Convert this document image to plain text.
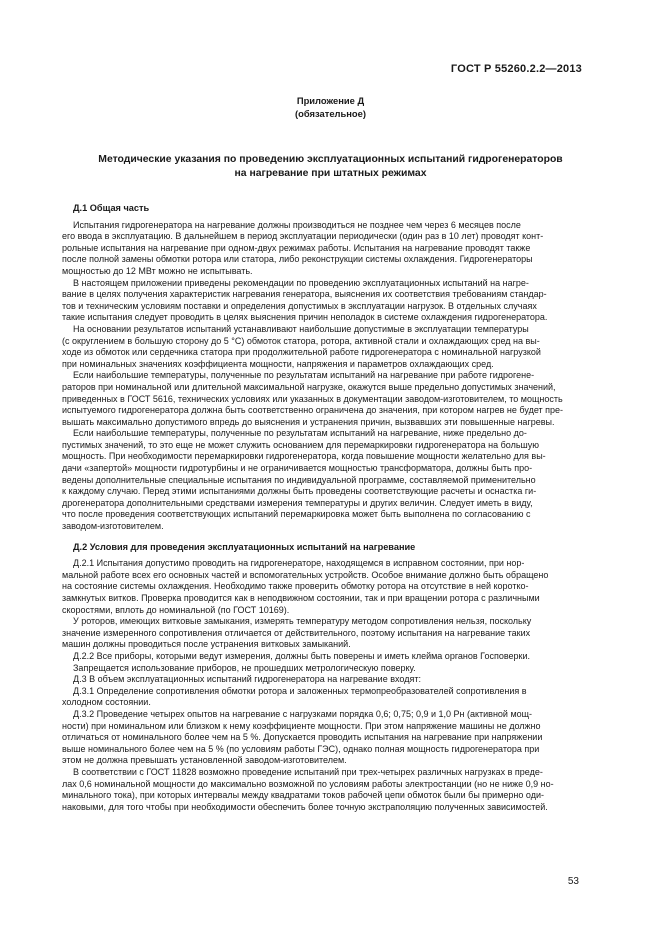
ГОСТ Р 55260.2.2—2013
Приложение Д
(обязательное)
Методические указания по проведению эксплуатационных испытаний гидрогенераторов
на нагревание при штатных режимах
Д.1 Общая часть

Испытания гидрогенератора на нагревание должны производиться не позднее чем через 6 месяцев после
его ввода в эксплуатацию. В дальнейшем в период эксплуатации периодически (один раз в 10 лет) проводят конт-
рольные испытания на нагревание при одном-двух режимах работы. Испытания на нагревание проводят также
после полной замены обмотки ротора или статора, либо реконструкции системы охлаждения. Гидрогенераторы
мощностью до 12 МВт можно не испытывать.

В настоящем приложении приведены рекомендации по проведению эксплуатационных испытаний на нагре-
вание в целях получения характеристик нагревания генератора, выяснения их соответствия требованиям стандар-
тов и техническим условиям поставки и определения допустимых в эксплуатации нагрузок. В отдельных случаях
такие испытания следует проводить в целях выяснения причин неполадок в системе охлаждения гидрогенератора.

На основании результатов испытаний устанавливают наибольшие допустимые в эксплуатации температуры
(с округлением в большую сторону до 5 °С) обмоток статора, ротора, активной стали и охлаждающих сред на вы-
ходе из обмоток или сердечника статора при продолжительной работе гидрогенератора с номинальной нагрузкой
при номинальных значениях коэффициента мощности, напряжения и параметров охлаждающих сред.

Если наибольшие температуры, полученные по результатам испытаний на нагревание при работе гидрогене-
раторов при номинальной или длительной максимальной нагрузке, окажутся выше предельно допустимых значений,
приведенных в ГОСТ 5616, технических условиях или указанных в документации заводом-изготовителем, то мощность
испытуемого гидрогенератора должна быть соответственно ограничена до значения, при котором нагрев не будет пре-
вышать максимально допустимого впредь до выяснения и устранения причин, вызвавших эти повышенные нагревы.

Если наибольшие температуры, полученные по результатам испытаний на нагревание, ниже предельно до-
пустимых значений, то это еще не может служить основанием для перемаркировки гидрогенератора на большую
мощность. При необходимости перемаркировки гидрогенератора, когда повышение мощности желательно для вы-
дачи «запертой» мощности гидротурбины и не ограничивается мощностью трансформатора, должны быть про-
ведены дополнительные специальные испытания по индивидуальной программе, составляемой применительно
к каждому случаю. Перед этими испытаниями должны быть проведены соответствующие расчеты и оснастка ги-
дрогенератора дополнительными средствами измерения температуры и других величин. Следует иметь в виду,
что после проведения соответствующих испытаний перемаркировка может быть выполнена по согласованию с
заводом-изготовителем.

Д.2 Условия для проведения эксплуатационных испытаний на нагревание

Д.2.1 Испытания допустимо проводить на гидрогенераторе, находящемся в исправном состоянии, при нор-
мальной работе всех его основных частей и вспомогательных устройств. Особое внимание должно быть обращено
на состояние системы охлаждения. Необходимо также проверить обмотку ротора на отсутствие в ней коротко-
замкнутых витков. Проверка проводится как в неподвижном состоянии, так и при вращении ротора с различными
скоростями, вплоть до номинальной (по ГОСТ 10169).

У роторов, имеющих витковые замыкания, измерять температуру методом сопротивления нельзя, поскольку
значение измеренного сопротивления отличается от действительного, поэтому испытания на нагревание таких
машин должны проводиться после устранения витковых замыканий.

Д.2.2 Все приборы, которыми ведут измерения, должны быть поверены и иметь клейма органов Госповерки.

Запрещается использование приборов, не прошедших метрологическую поверку.

Д.3 В объем эксплуатационных испытаний гидрогенератора на нагревание входят:

Д.3.1 Определение сопротивления обмотки ротора и заложенных термопреобразователей сопротивления в
холодном состоянии.

Д.3.2 Проведение четырех опытов на нагревание с нагрузками порядка 0,6; 0,75; 0,9 и 1,0 Pн (активной мощ-
ности) при номинальном или близком к нему коэффициенте мощности. При этом напряжение машины не должно
отличаться от номинального более чем на 5 %. Допускается проводить испытания на нагревание при напряжении
выше номинального более чем на 5 % (по условиям работы ГЭС), однако полная мощность гидрогенератора при
этом не должна превышать установленной заводом-изготовителем.

В соответствии с ГОСТ 11828 возможно проведение испытаний при трех-четырех различных нагрузках в преде-
лах 0,6 номинальной мощности до максимально возможной по условиям работы электростанции (но не ниже 0,9 но-
минального тока), при которых интервалы между квадратами токов рабочей цепи обмоток были бы примерно оди-
наковыми, для того чтобы при необходимости обеспечить более точную экстраполяцию полученных зависимостей.

53
